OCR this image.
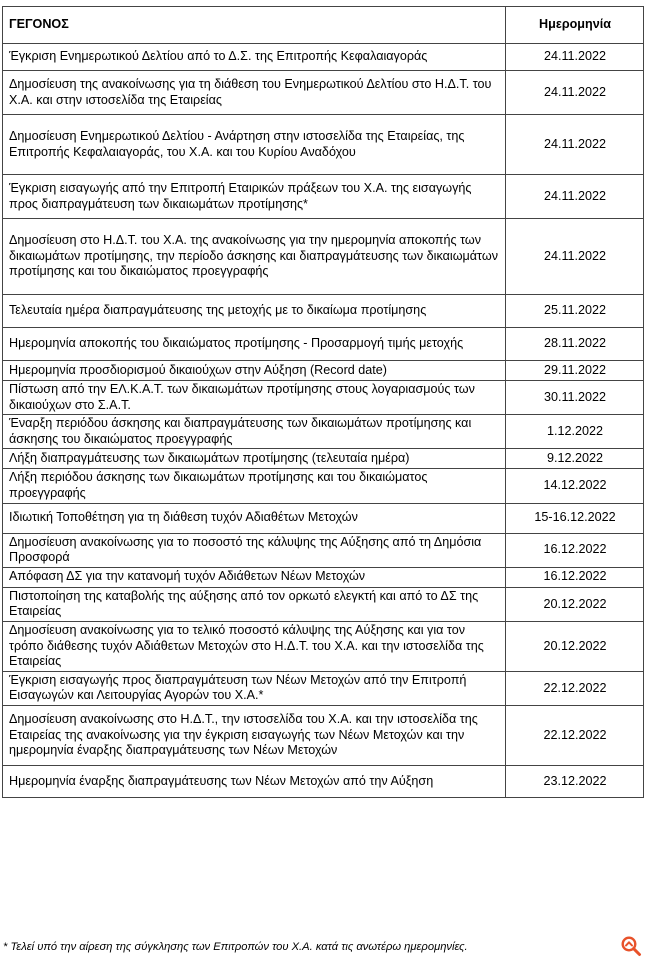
ΓΕΓΟΝΟΣ	Ημερομηνία
Έγκριση Ενημερωτικού Δελτίου από το Δ.Σ. της Επιτροπής Κεφαλαιαγοράς	24.11.2022
Δημοσίευση της ανακοίνωσης για τη διάθεση του Ενημερωτικού Δελτίου στο Η.Δ.Τ. του Χ.Α. και στην ιστοσελίδα της Εταιρείας	24.11.2022
Δημοσίευση Ενημερωτικού Δελτίου - Ανάρτηση στην ιστοσελίδα της Εταιρείας, της Επιτροπής Κεφαλαιαγοράς, του Χ.Α. και του Κυρίου Αναδόχου	24.11.2022
Έγκριση εισαγωγής από την Επιτροπή Εταιρικών πράξεων του Χ.Α. της εισαγωγής προς διαπραγμάτευση των δικαιωμάτων προτίμησης*	24.11.2022
Δημοσίευση στο Η.Δ.Τ. του Χ.Α. της ανακοίνωσης για την ημερομηνία αποκοπής των δικαιωμάτων προτίμησης, την περίοδο άσκησης και διαπραγμάτευσης των δικαιωμάτων προτίμησης και του δικαιώματος προεγγραφής	24.11.2022
Τελευταία ημέρα διαπραγμάτευσης της μετοχής με το δικαίωμα προτίμησης	25.11.2022
Ημερομηνία αποκοπής του δικαιώματος προτίμησης - Προσαρμογή τιμής μετοχής	28.11.2022
Ημερομηνία προσδιορισμού δικαιούχων στην Αύξηση (Record date)	29.11.2022
Πίστωση από την ΕΛ.Κ.Α.Τ. των δικαιωμάτων προτίμησης στους λογαριασμούς των δικαιούχων στο Σ.Α.Τ.	30.11.2022
Έναρξη περιόδου άσκησης και διαπραγμάτευσης των δικαιωμάτων προτίμησης και άσκησης του δικαιώματος προεγγραφής	1.12.2022
Λήξη διαπραγμάτευσης των δικαιωμάτων προτίμησης (τελευταία ημέρα)	9.12.2022
Λήξη περιόδου άσκησης των δικαιωμάτων προτίμησης και του δικαιώματος προεγγραφής	14.12.2022
Ιδιωτική Τοποθέτηση για τη διάθεση τυχόν Αδιαθέτων Μετοχών	15-16.12.2022
Δημοσίευση ανακοίνωσης για το ποσοστό της κάλυψης της Αύξησης από τη Δημόσια Προσφορά	16.12.2022
Απόφαση ΔΣ για την κατανομή τυχόν Αδιάθετων Νέων Μετοχών	16.12.2022
Πιστοποίηση της καταβολής της αύξησης από τον ορκωτό ελεγκτή και από το ΔΣ της Εταιρείας	20.12.2022
Δημοσίευση ανακοίνωσης για το τελικό ποσοστό κάλυψης της Αύξησης και για τον τρόπο διάθεσης τυχόν Αδιάθετων Μετοχών στο Η.Δ.Τ. του Χ.Α. και την ιστοσελίδα της Εταιρείας	20.12.2022
Έγκριση εισαγωγής προς διαπραγμάτευση των Νέων Μετοχών από την Επιτροπή Εισαγωγών και Λειτουργίας Αγορών του Χ.Α.*	22.12.2022
Δημοσίευση ανακοίνωσης στο Η.Δ.Τ., την ιστοσελίδα του Χ.Α. και την ιστοσελίδα της Εταιρείας της ανακοίνωσης για την έγκριση εισαγωγής των Νέων Μετοχών και την ημερομηνία έναρξης διαπραγμάτευσης των Νέων Μετοχών	22.12.2022
Ημερομηνία έναρξης διαπραγμάτευσης των Νέων Μετοχών από την Αύξηση	23.12.2022
* Τελεί υπό την αίρεση της σύγκλησης των Επιτροπών του Χ.Α. κατά τις ανωτέρω ημερομηνίες.
